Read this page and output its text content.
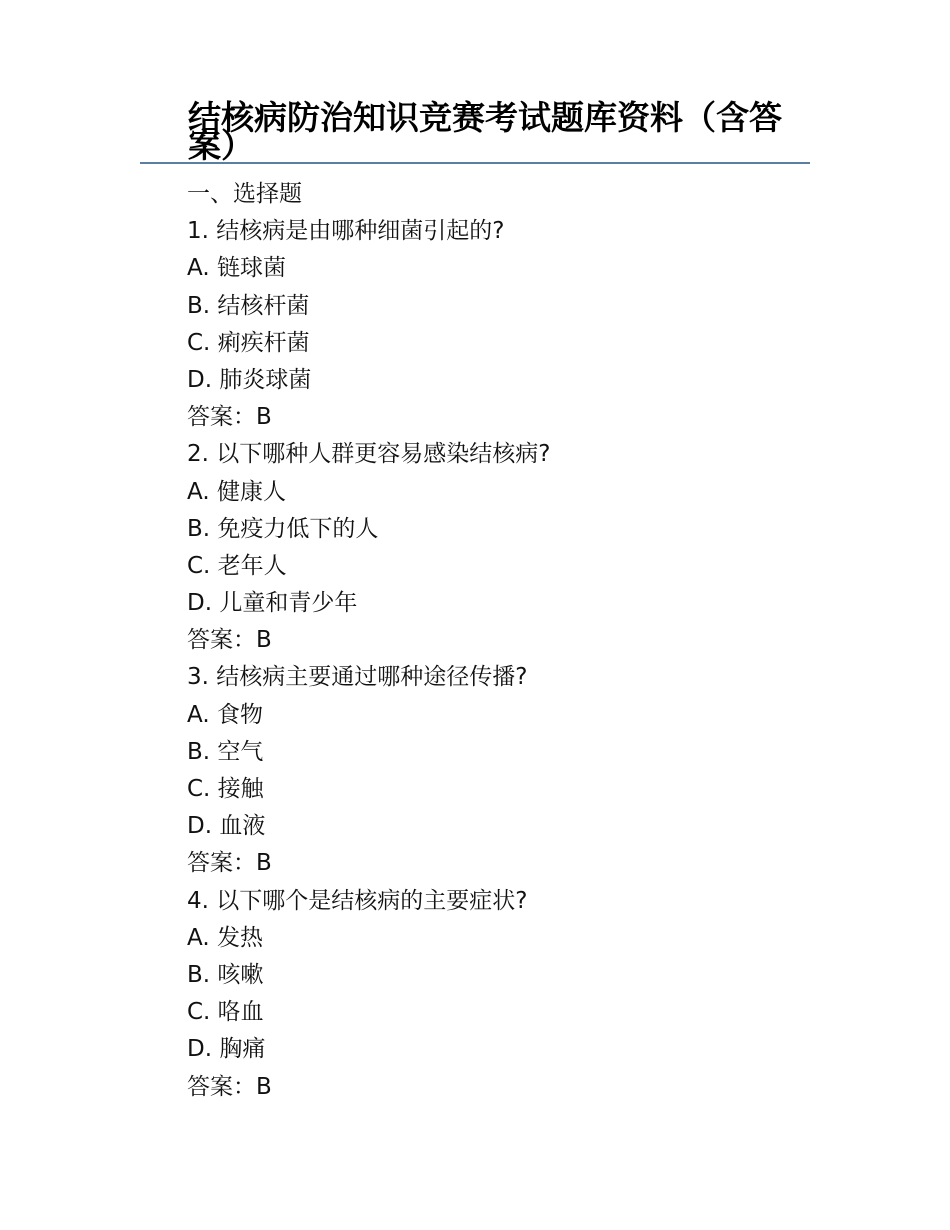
结核病防治知识竞赛考试题库资料（含答案）
一、选择题
1. 结核病是由哪种细菌引起的?
A. 链球菌
B. 结核杆菌
C. 痢疾杆菌
D. 肺炎球菌
答案：B
2. 以下哪种人群更容易感染结核病?
A. 健康人
B. 免疫力低下的人
C. 老年人
D. 儿童和青少年
答案：B
3. 结核病主要通过哪种途径传播?
A. 食物
B. 空气
C. 接触
D. 血液
答案：B
4. 以下哪个是结核病的主要症状?
A. 发热
B. 咳嗽
C. 咯血
D. 胸痛
答案：B
